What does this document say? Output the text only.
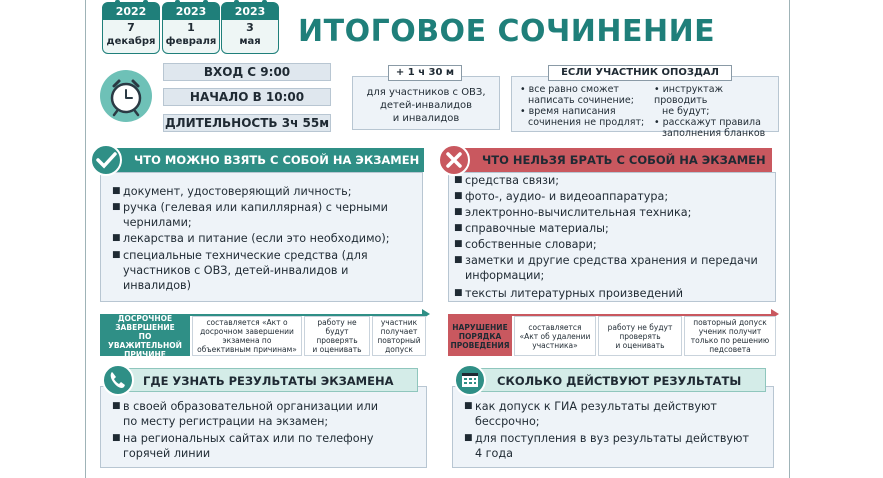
2022
7
декабря
2023
1
февраля
2023
3
мая	ИТОГОВОЕ СОЧИНЕНИЕ
ВХОД С 9:00
НАЧАЛО В 10:00
ДЛИТЕЛЬНОСТЬ 3ч 55м
+ 1 ч 30 м
для участников с ОВЗ,
детей-инвалидов
и инвалидов
ЕСЛИ УЧАСТНИК ОПОЗДАЛ
• все равно сможет
написать сочинение;
• время написания
сочинения не продлят;
• инструктаж проводить
не будут;
• расскажут правила
заполнения бланков
ЧТО МОЖНО ВЗЯТЬ С СОБОЙ НА ЭКЗАМЕН
■ документ, удостоверяющий личность;
■ ручка (гелевая или капиллярная) с черными
чернилами;
■ лекарства и питание (если это необходимо);
■ специальные технические средства (для
участников с ОВЗ, детей-инвалидов и
инвалидов)
ЧТО НЕЛЬЗЯ БРАТЬ С СОБОЙ НА ЭКЗАМЕН
■ средства связи;
■ фото-, аудио- и видеоаппаратура;
■ электронно-вычислительная техника;
■ справочные материалы;
■ собственные словари;
■ заметки и другие средства хранения и передачи
информации;
■ тексты литературных произведений
ДОСРОЧНОЕ
ЗАВЕРШЕНИЕ
ПО УВАЖИТЕЛЬНОЙ
ПРИЧИНЕ
составляется «Акт о
досрочном завершении
экзамена по
объективным причинам»
работу не будут
проверять
и оценивать
участник
получает
повторный
допуск
НАРУШЕНИЕ
ПОРЯДКА
ПРОВЕДЕНИЯ
составляется
«Акт об удалении
участника»
работу не будут
проверять
и оценивать
повторный допуск
ученик получит
только по решению
педсовета
ГДЕ УЗНАТЬ РЕЗУЛЬТАТЫ ЭКЗАМЕНА
■ в своей образовательной организации или
по месту регистрации на экзамен;
■ на региональных сайтах или по телефону
горячей линии
СКОЛЬКО ДЕЙСТВУЮТ РЕЗУЛЬТАТЫ
■ как допуск к ГИА результаты действуют
бессрочно;
■ для поступления в вуз результаты действуют
4 года
